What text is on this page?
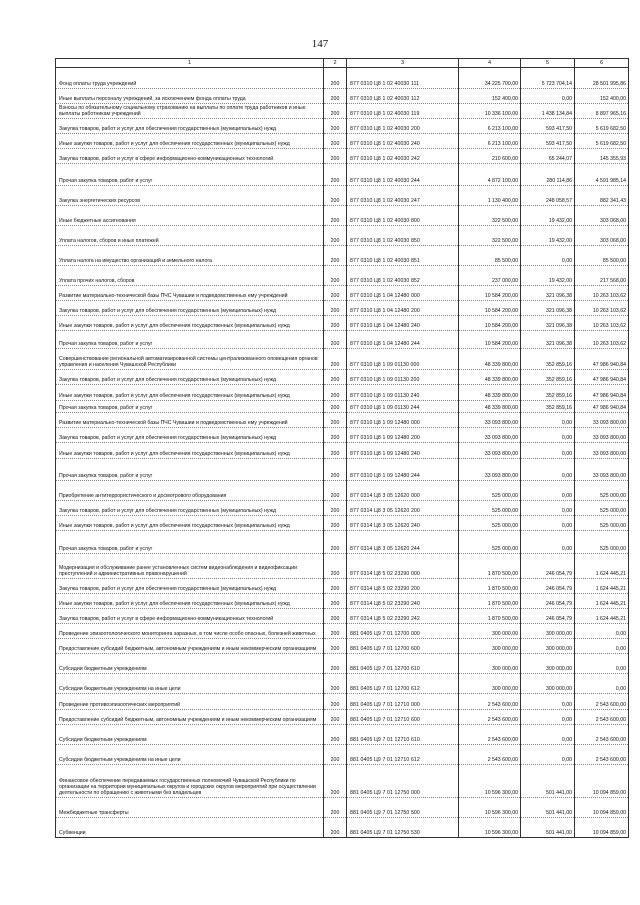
147
1	2	3	4	5	6
Фонд оплаты труда учреждений	200	877 0310 Ц8 1 02 40030 111	34 225 700,00	5 723 704,14	28 501 995,86
Иные выплаты персоналу учреждений, за исключением фонда оплаты труда	200	877 0310 Ц8 1 02 40030 112	152 400,00	0,00	152 400,00
Взносы по обязательному социальному страхованию на выплаты по оплате труда работников и иные выплаты работникам учреждений	200	877 0310 Ц8 1 02 40030 119	10 336 100,00	1 438 134,84	8 897 965,16
Закупка товаров, работ и услуг для обеспечения государственных (муниципальных) нужд	200	877 0310 Ц8 1 02 40030 200	6 213 100,00	593 417,50	5 619 682,50
Иные закупки товаров, работ и услуг для обеспечения государственных (муниципальных) нужд	200	877 0310 Ц8 1 02 40030 240	6 213 100,00	593 417,50	5 619 682,50
Закупка товаров, работ и услуг в сфере информационно-коммуникационных технологий	200	877 0310 Ц8 1 02 40030 242	210 600,00	65 244,07	145 355,93
Прочая закупка товаров, работ и услуг	200	877 0310 Ц8 1 02 40030 244	4 872 100,00	280 114,86	4 591 985,14
Закупка энергетических ресурсов	200	877 0310 Ц8 1 02 40030 247	1 130 400,00	248 058,57	882 341,43
Иные бюджетные ассигнования	200	877 0310 Ц8 1 02 40030 800	322 500,00	19 432,00	303 068,00
Уплата налогов, сборов и иных платежей	200	877 0310 Ц8 1 02 40030 850	322 500,00	19 432,00	303 068,00
Уплата налога на имущество организаций и земельного налога	200	877 0310 Ц8 1 02 40030 851	85 500,00	0,00	85 500,00
Уплата прочих налогов, сборов	200	877 0310 Ц8 1 02 40030 852	237 000,00	19 432,00	217 568,00
Развитие материально-технической базы ПЧС Чувашии и подведомственных ему учреждений	200	877 0310 Ц8 1 04 12480 000	10 584 200,00	321 096,38	10 263 103,62
Закупка товаров, работ и услуг для обеспечения государственных (муниципальных) нужд	200	877 0310 Ц8 1 04 12480 200	10 584 200,00	321 096,38	10 263 103,62
Иные закупки товаров, работ и услуг для обеспечения государственных (муниципальных) нужд	200	877 0310 Ц8 1 04 12480 240	10 584 200,00	321 096,38	10 263 103,62
Прочая закупка товаров, работ и услуг	200	877 0310 Ц8 1 04 12480 244	10 584 200,00	321 096,38	10 263 103,62
Совершенствование региональной автоматизированной системы централизованного оповещения органов управления и населения Чувашской Республики	200	877 0310 Ц8 1 09 01130 000	48 339 800,00	352 859,16	47 986 940,84
Закупка товаров, работ и услуг для обеспечения государственных (муниципальных) нужд	200	877 0310 Ц8 1 09 01130 200	48 339 800,00	352 859,16	47 986 940,84
Иные закупки товаров, работ и услуг для обеспечения государственных (муниципальных) нужд	200	877 0310 Ц8 1 09 01130 240	48 339 800,00	352 859,16	47 986 940,84
Прочая закупка товаров, работ и услуг	200	877 0310 Ц8 1 09 01130 244	48 339 800,00	352 859,16	47 986 940,84
Развитие материально-технической базы ПЧС Чувашии и подведомственных ему учреждений	200	877 0310 Ц8 1 09 12480 000	33 093 800,00	0,00	33 093 800,00
Закупка товаров, работ и услуг для обеспечения государственных (муниципальных) нужд	200	877 0310 Ц8 1 09 12480 200	33 093 800,00	0,00	33 093 800,00
Иные закупки товаров, работ и услуг для обеспечения государственных (муниципальных) нужд	200	877 0310 Ц8 1 09 12480 240	33 093 800,00	0,00	33 093 800,00
Прочая закупка товаров, работ и услуг	200	877 0310 Ц8 1 09 12480 244	33 093 800,00	0,00	33 093 800,00
Приобретение антитеррористического и досмотрового оборудования	200	877 0314 Ц8 3 05 12620 000	525 000,00	0,00	525 000,00
Закупка товаров, работ и услуг для обеспечения государственных (муниципальных) нужд	200	877 0314 Ц8 3 05 12620 200	525 000,00	0,00	525 000,00
Иные закупки товаров, работ и услуг для обеспечения государственных (муниципальных) нужд	200	877 0314 Ц8 3 05 12620 240	525 000,00	0,00	525 000,00
Прочая закупка товаров, работ и услуг	200	877 0314 Ц8 3 05 12620 244	525 000,00	0,00	525 000,00
Модернизация и обслуживание ранее установленных систем видеонаблюдения и видеофиксации преступлений и административных правонарушений	200	877 0314 Ц8 5 02 23290 000	1 870 500,00	246 054,79	1 624 445,21
Закупка товаров, работ и услуг для обеспечения государственных (муниципальных) нужд	200	877 0314 Ц8 5 02 23290 200	1 870 500,00	246 054,79	1 624 445,21
Иные закупки товаров, работ и услуг для обеспечения государственных (муниципальных) нужд	200	877 0314 Ц8 5 02 23290 240	1 870 500,00	246 054,79	1 624 445,21
Закупка товаров, работ и услуг в сфере информационно-коммуникационных технологий	200	877 0314 Ц8 5 02 23290 242	1 870 500,00	246 054,79	1 624 445,21
Проведение эпизоотологического мониторинга заразных, в том числе особо опасных, болезней животных	200	881 0405 Ц9 7 01 12700 000	300 000,00	300 000,00	0,00
Предоставление субсидий бюджетным, автономным учреждениям и иным некоммерческим организациям	200	881 0405 Ц9 7 01 12700 600	300 000,00	300 000,00	0,00
Субсидии бюджетным учреждениям	200	881 0405 Ц9 7 01 12700 610	300 000,00	300 000,00	0,00
Субсидии бюджетным учреждениям на иные цели	200	881 0405 Ц9 7 01 12700 612	300 000,00	300 000,00	0,00
Проведение противоэпизоотических мероприятий	200	881 0405 Ц9 7 01 12710 000	2 543 600,00	0,00	2 543 600,00
Предоставление субсидий бюджетным, автономным учреждениям и иным некоммерческим организациям	200	881 0405 Ц9 7 01 12710 600	2 543 600,00	0,00	2 543 600,00
Субсидии бюджетным учреждениям	200	881 0405 Ц9 7 01 12710 610	2 543 600,00	0,00	2 543 600,00
Субсидии бюджетным учреждениям на иные цели	200	881 0405 Ц9 7 01 12710 612	2 543 600,00	0,00	2 543 600,00
Финансовое обеспечение передаваемых государственных полномочий Чувашской Республики по организации на территории муниципальных округов и городских округов мероприятий при осуществлении деятельности по обращению с животными без владельцев	200	881 0405 Ц9 7 01 12750 000	10 596 300,00	501 441,00	10 094 859,00
Межбюджетные трансферты	200	881 0405 Ц9 7 01 12750 500	10 596 300,00	501 441,00	10 094 859,00
Субвенции	200	881 0405 Ц9 7 01 12750 530	10 596 300,00	501 441,00	10 094 859,00
